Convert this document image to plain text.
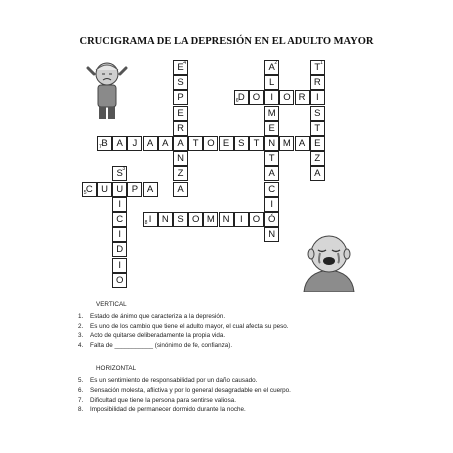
CRUCIGRAMA DE LA DEPRESIÓN EN EL ADULTO MAYOR
T 1
R
I
S
T
E
Z
A
A 2
L
I
M
E
N
T
A
C
I
Ó
N
S 3
U
I
C
I
D
I
O
E 4
S
P
E
R
A
N
Z
A
C
5	U	P A
D
6	O	O R
B
7	A	J	A A	T O E S T	M A
I
8	N S O M N	I	O
VERTICAL
1. Estado de ánimo que caracteriza a la depresión.
2. Es uno de los cambio que tiene el adulto mayor, el cual afecta su peso.
3. Acto de quitarse deliberadamente la propia vida.
4. Falta de ___________ (sinónimo de fe, confianza).
HORIZONTAL
5. Es un sentimiento de responsabilidad por un daño causado.
6. Sensación molesta, aflictiva y por lo general desagradable en el cuerpo.
7. Dificultad que tiene la persona para sentirse valiosa.
8. Imposibilidad de permanecer dormido durante la noche.
